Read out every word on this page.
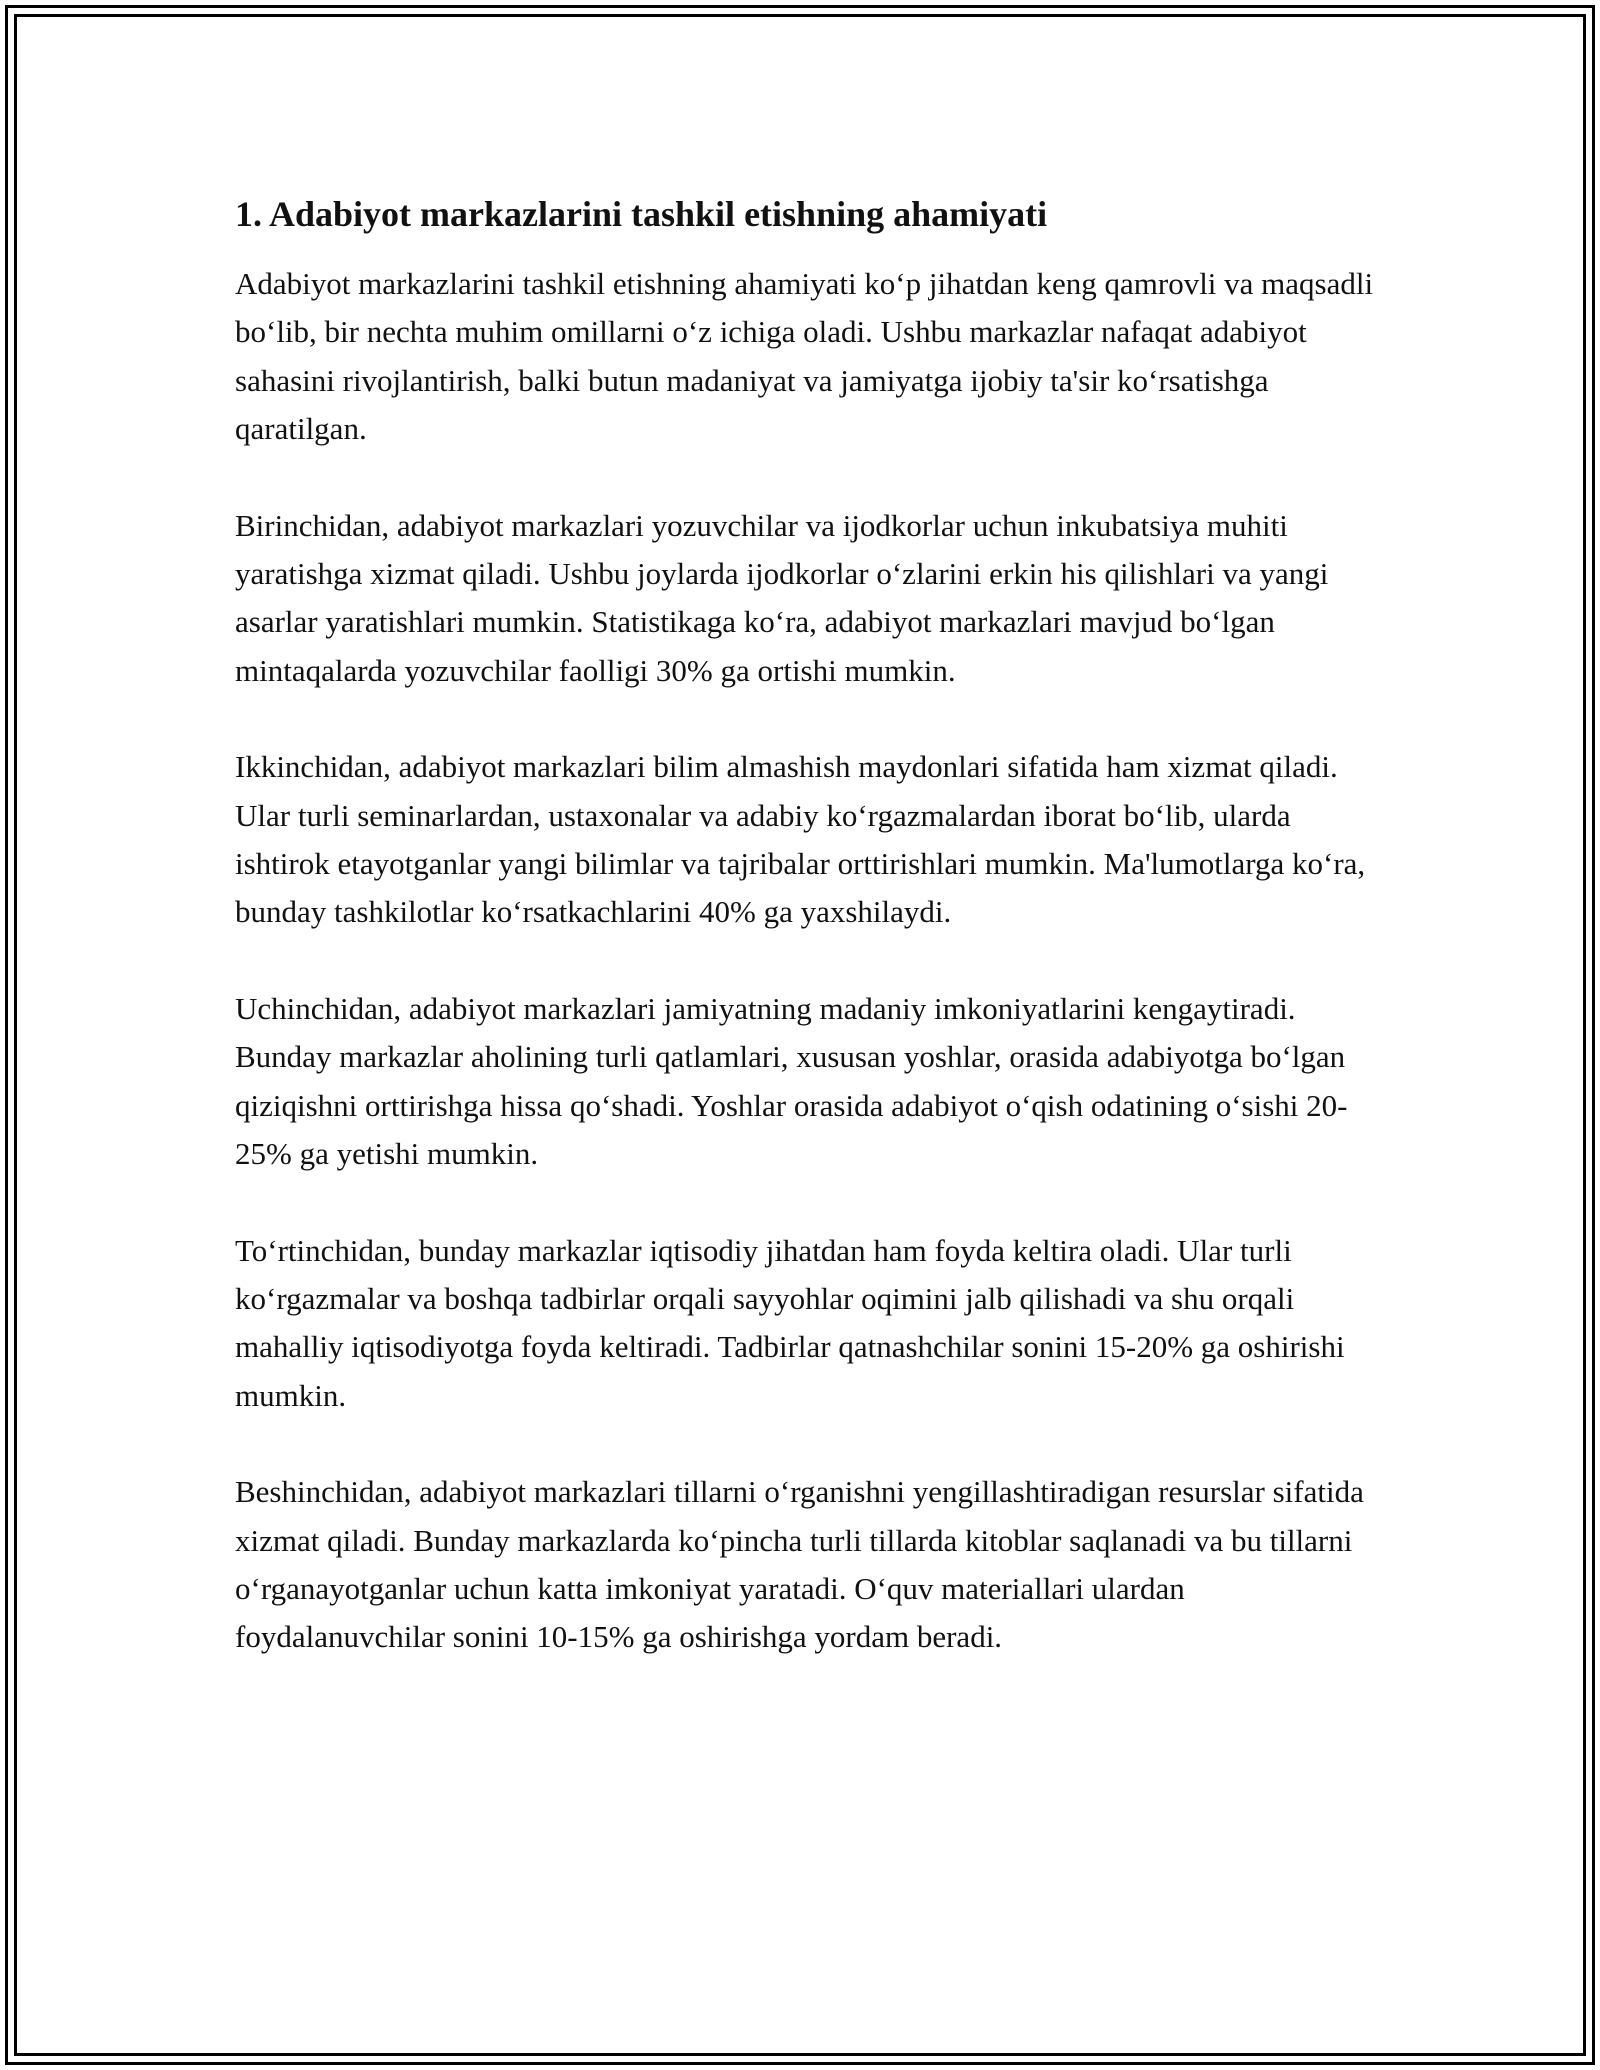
1. Adabiyot markazlarini tashkil etishning ahamiyati

Adabiyot markazlarini tashkil etishning ahamiyati ko‘p jihatdan keng qamrovli va maqsadli bo‘lib, bir nechta muhim omillarni o‘z ichiga oladi. Ushbu markazlar nafaqat adabiyot sahasini rivojlantirish, balki butun madaniyat va jamiyatga ijobiy ta'sir ko‘rsatishga qaratilgan.

Birinchidan, adabiyot markazlari yozuvchilar va ijodkorlar uchun inkubatsiya muhiti yaratishga xizmat qiladi. Ushbu joylarda ijodkorlar o‘zlarini erkin his qilishlari va yangi asarlar yaratishlari mumkin. Statistikaga ko‘ra, adabiyot markazlari mavjud bo‘lgan mintaqalarda yozuvchilar faolligi 30% ga ortishi mumkin.

Ikkinchidan, adabiyot markazlari bilim almashish maydonlari sifatida ham xizmat qiladi. Ular turli seminarlardan, ustaxonalar va adabiy ko‘rgazmalardan iborat bo‘lib, ularda ishtirok etayotganlar yangi bilimlar va tajribalar orttirishlari mumkin. Ma'lumotlarga ko‘ra, bunday tashkilotlar ko‘rsatkachlarini 40% ga yaxshilaydi.

Uchinchidan, adabiyot markazlari jamiyatning madaniy imkoniyatlarini kengaytiradi. Bunday markazlar aholining turli qatlamlari, xususan yoshlar, orasida adabiyotga bo‘lgan qiziqishni orttirishga hissa qo‘shadi. Yoshlar orasida adabiyot o‘qish odatining o‘sishi 20-25% ga yetishi mumkin.

To‘rtinchidan, bunday markazlar iqtisodiy jihatdan ham foyda keltira oladi. Ular turli ko‘rgazmalar va boshqa tadbirlar orqali sayyohlar oqimini jalb qilishadi va shu orqali mahalliy iqtisodiyotga foyda keltiradi. Tadbirlar qatnashchilar sonini 15-20% ga oshirishi mumkin.

Beshinchidan, adabiyot markazlari tillarni o‘rganishni yengillashtiradigan resurslar sifatida xizmat qiladi. Bunday markazlarda ko‘pincha turli tillarda kitoblar saqlanadi va bu tillarni o‘rganayotganlar uchun katta imkoniyat yaratadi. O‘quv materiallari ulardan foydalanuvchilar sonini 10-15% ga oshirishga yordam beradi.
